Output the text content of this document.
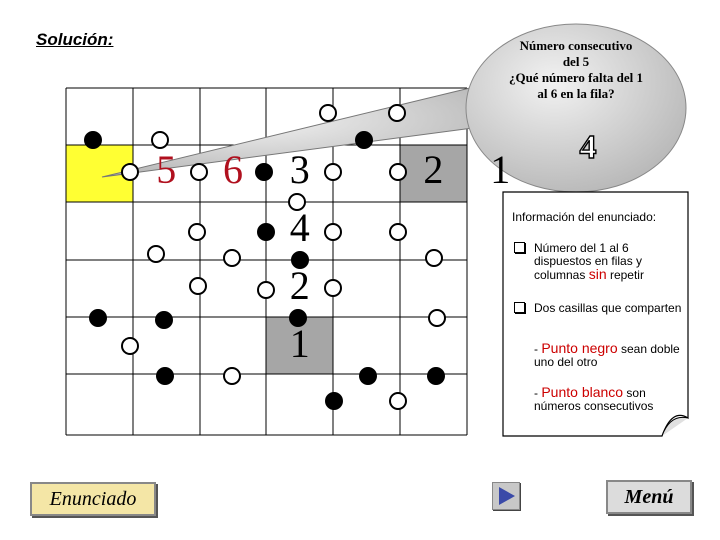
Solución:	Número consecutivo
del 5
¿Qué número falta del 1
al 6 en la fila?
4
5 6 3	2 1
4
2
1
Información del enunciado:
Número del 1 al 6 dispuestos en filas y columnas sin repetir
Dos casillas que comparten
- Punto negro sean doble uno del otro
- Punto blanco son números consecutivos
Enunciado	Menú
